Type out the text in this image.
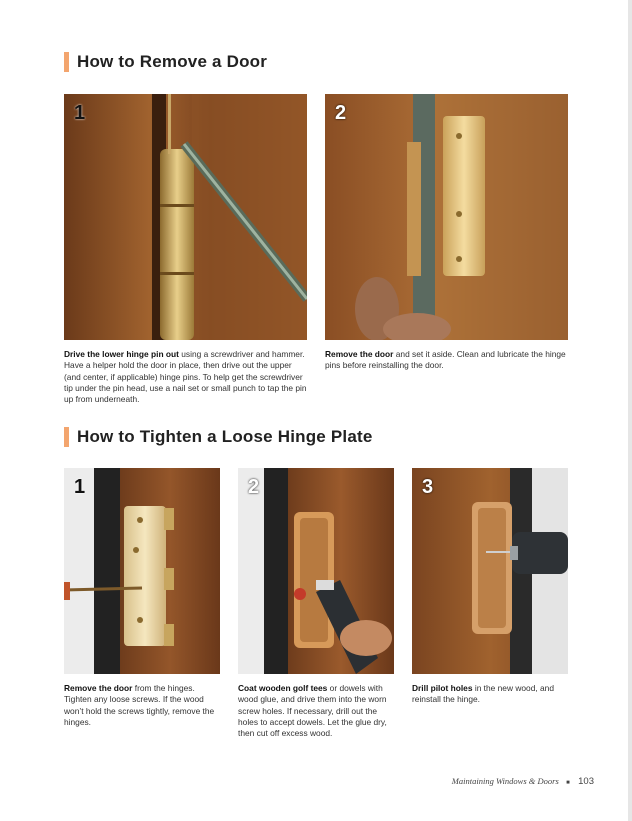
How to Remove a Door
1	2
Drive the lower hinge pin out using a screwdriver and hammer. Have a helper hold the door in place, then drive out the upper (and center, if applicable) hinge pins. To help get the screwdriver tip under the pin head, use a nail set or small punch to tap the pin up from underneath.
Remove the door and set it aside. Clean and lubricate the hinge pins before reinstalling the door.
How to Tighten a Loose Hinge Plate
1	2	3
Remove the door from the hinges. Tighten any loose screws. If the wood won’t hold the screws tightly, remove the hinges.
Coat wooden golf tees or dowels with wood glue, and drive them into the worn screw holes. If necessary, drill out the holes to accept dowels. Let the glue dry, then cut off excess wood.
Drill pilot holes in the new wood, and reinstall the hinge.
Maintaining Windows & Doors ■ 103
